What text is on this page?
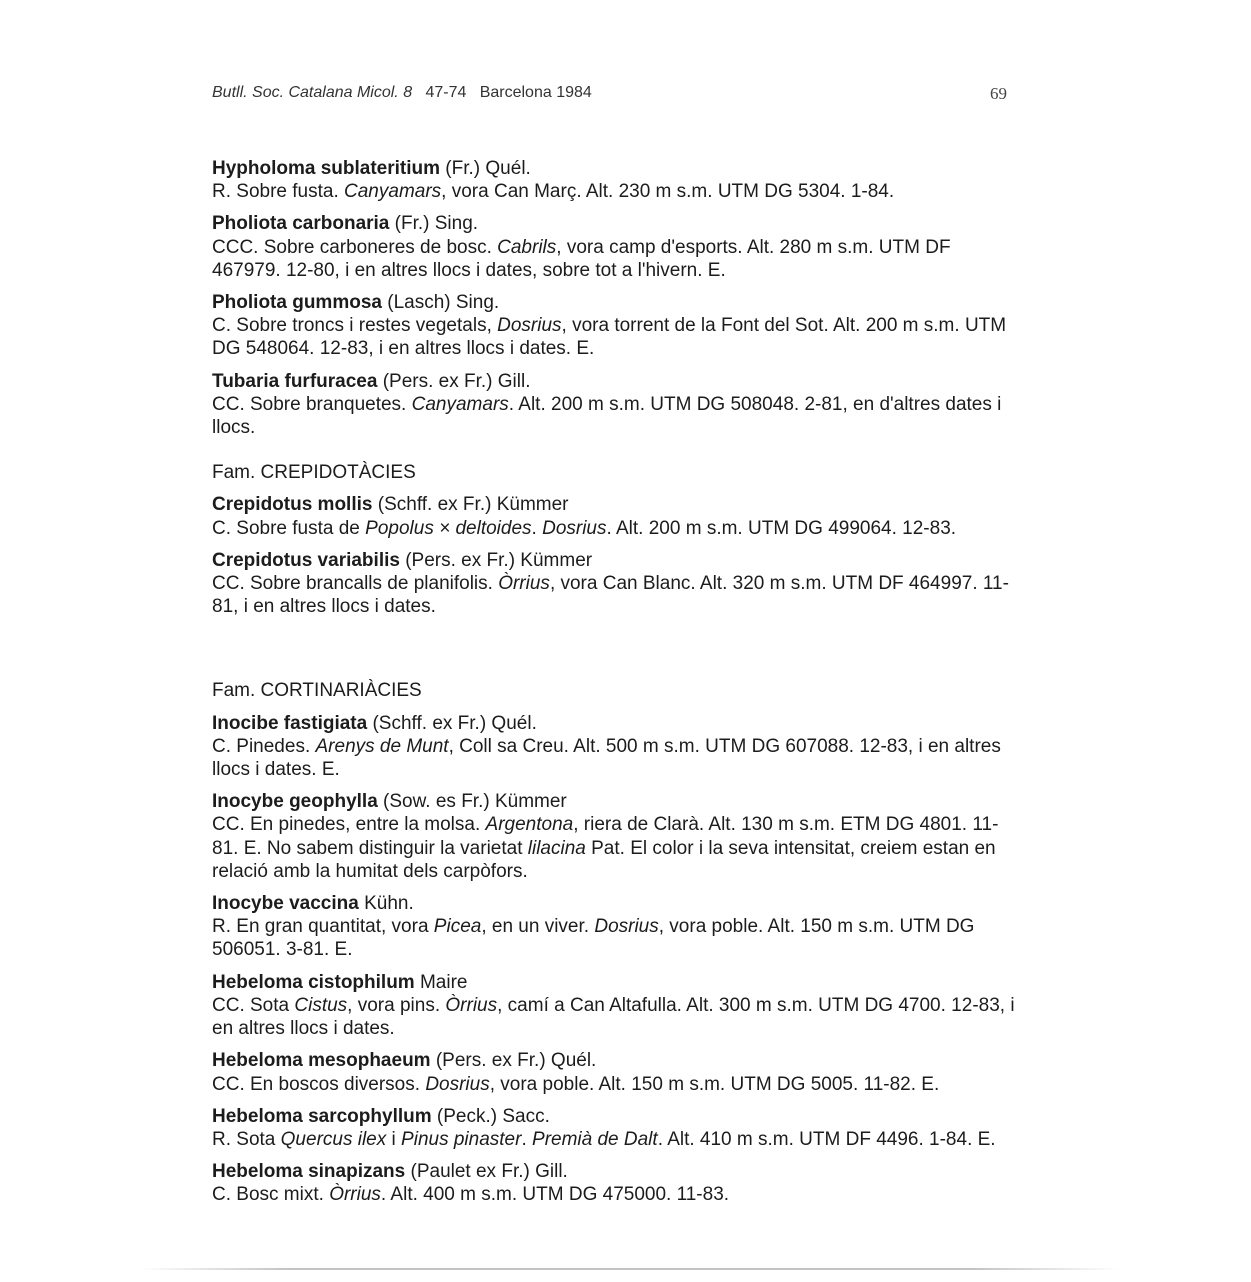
Butll. Soc. Catalana Micol. 8 47-74 Barcelona 1984	69

Hypholoma sublateritium (Fr.) Quél.

R. Sobre fusta. Canyamars, vora Can Març. Alt. 230 m s.m. UTM DG 5304. 1-84.

Pholiota carbonaria (Fr.) Sing.

CCC. Sobre carboneres de bosc. Cabrils, vora camp d'esports. Alt. 280 m s.m. UTM DF 467979. 12-80, i en altres llocs i dates, sobre tot a l'hivern. E.

Pholiota gummosa (Lasch) Sing.

C. Sobre troncs i restes vegetals, Dosrius, vora torrent de la Font del Sot. Alt. 200 m s.m. UTM DG 548064. 12-83, i en altres llocs i dates. E.

Tubaria furfuracea (Pers. ex Fr.) Gill.

CC. Sobre branquetes. Canyamars. Alt. 200 m s.m. UTM DG 508048. 2-81, en d'altres dates i llocs.

Fam. CREPIDOTÀCIES

Crepidotus mollis (Schff. ex Fr.) Kümmer

C. Sobre fusta de Popolus × deltoides. Dosrius. Alt. 200 m s.m. UTM DG 499064. 12-83.

Crepidotus variabilis (Pers. ex Fr.) Kümmer

CC. Sobre brancalls de planifolis. Òrrius, vora Can Blanc. Alt. 320 m s.m. UTM DF 464997. 11-81, i en altres llocs i dates.

Fam. CORTINARIÀCIES

Inocibe fastigiata (Schff. ex Fr.) Quél.

C. Pinedes. Arenys de Munt, Coll sa Creu. Alt. 500 m s.m. UTM DG 607088. 12-83, i en altres llocs i dates. E.

Inocybe geophylla (Sow. es Fr.) Kümmer

CC. En pinedes, entre la molsa. Argentona, riera de Clarà. Alt. 130 m s.m. ETM DG 4801. 11-81. E. No sabem distinguir la varietat lilacina Pat. El color i la seva intensitat, creiem estan en relació amb la humitat dels carpòfors.

Inocybe vaccina Kühn.

R. En gran quantitat, vora Picea, en un viver. Dosrius, vora poble. Alt. 150 m s.m. UTM DG 506051. 3-81. E.

Hebeloma cistophilum Maire

CC. Sota Cistus, vora pins. Òrrius, camí a Can Altafulla. Alt. 300 m s.m. UTM DG 4700. 12-83, i en altres llocs i dates.

Hebeloma mesophaeum (Pers. ex Fr.) Quél.

CC. En boscos diversos. Dosrius, vora poble. Alt. 150 m s.m. UTM DG 5005. 11-82. E.

Hebeloma sarcophyllum (Peck.) Sacc.

R. Sota Quercus ilex i Pinus pinaster. Premià de Dalt. Alt. 410 m s.m. UTM DF 4496. 1-84. E.

Hebeloma sinapizans (Paulet ex Fr.) Gill.

C. Bosc mixt. Òrrius. Alt. 400 m s.m. UTM DG 475000. 11-83.
